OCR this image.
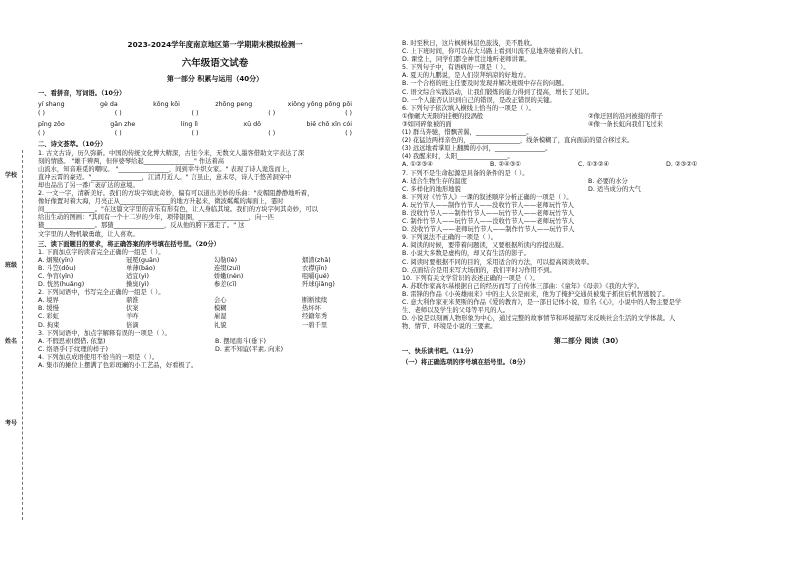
学校
班级
姓名
考号
2023-2024学年度南京地区第一学期期末模拟检测一
六年级语文试卷
第一部分 积累与运用（40分）
一、看拼音，写词语。（10分）
yí shang	gè da	kōng kōi	zhōng peng	xiōng yōng pōng pōi
( )	( )	( )	( )	( )
pīng zōo	gān zhe	líng lì	xū dō	biē chō xīn cói
( )	( )	( )	( )	( )
二、诗文荟萃。（10分）
1. 古文古诗，历久弥新。中国的传统文化博大精深，古往今来，无数文人墨客借助文字表达了深
刻的情感。 "雄千辨两，但伴婆琴给起________________" 作达着高
山流水，知音难觅的嘲叹。 "________________，间到幸牛织女家。" 表现了诗人诡选而上，
直冲云霄的豪迈。"________________，江清月近人。" 言虽止，意未尽，诗人于悠苦洞穿中
却也品出了另一番广袤矿达的意境。
2. 一文一字，清新美好。我们的方块字如此奇妙，偏有可以道出美妙的乐曲："皮帽阻静静地听着，
像好像置对着大海，月亮正从________________的地方升起来，微波粼粼的海面上，霎时
间________________。"在这篇文字里的音乐有形有色，让人身临其境。我们的方块字何其奇妙，可以
给出生动的图画："其间有一个十二岁的少年，项带银圈，________________，向一匹
猹________________。那猹________________，反从他的胯下逃走了。" 这
文字里的人物机敏勇敢，让人喜欢。
三、读下面题目的要求，将正确答案的序号填在括号里。（20分）
1. 下面加点字的读音完全正确的一组是（ ）。
A. 炯殒(yīn)	冠冕(guān)	勾勒(lè)	烟渣(zhā)
B. 斗笠(dǒu)	单薄(báo)	连缀(zuì)	衣襟(jīn)
C. 争宵(yīn)	适宜(yì)	娇嫩(nèn)	咀嚼(jué)
D. 恍然(huǎng)	操臭(yì)	参差(cī)	歼球(jiǎng)
2. 下列词语中，书写完全正确的一组是（ ）。
A. 境界	鼎淮	会心	断断续续
B. 缓慢	伏案	模糊	热坏坏
C. 彩虹	羊咋	雇湿	经籍年秀
D. 拘束	倍滴	礼貌	一碧千里
3. 下列词语中，加点字解释有误的一项是（ ）。
A. 不假思索(假借, 依靠)	B. 摆尾南斗(垂下)
C. 络语乎(于纹理的样子)	D. 素不知谊(平素, 向来)
4. 下列加点成语使用不恰当的一项是（ ）。
A. 集市的摊位上摆满了色彩斑斓的小工艺品，好看极了。
B. 时至秋日，这片枫树林层色旅浅，美不胜收。
C. 上下班时间，你可以在大马路上看到川流不息地奔驰着的人们。
D. 课堂上，同学们都全神贯注地听老师讲课。
5. 下列句子中，有语病的一项是（ ）。
A. 夏天的九鹏说，是人们崇拜纳凉的好地方。
B. 一个合格的班主任要及时发现并解决班级中存在的问题。
C. 语文综合实践活动，让我们锻炼的能力得到了提高，增长了见识。
D. 一个人能否认识到自己的错误，是改正错误的关键。
6. 下列句子依次填入横线上恰当的一项是（ ）。
①像碾大无限的挂梗的投涡般	②像迂回的沿河被接的带子
③如同碎象被的面	④像一条长虹向我们飞过来
(1) 群马奔驰，惜飘苦翼，________________。
(2) 花猛边两样亲色的，________________，线条模糊了，直向面前的望合移过来。
(3) 远远地看掌原上翻腾的小河，________________。
(4) 我醒来时，太阳________________。
A. ①②③④	B. ②④③①	C. ①③②④	D. ②③②①
7. 下列不是生命起源是具备的条件的是（ ）。
A. 适合生物生存的温度	B. 必要的水分
C. 多样化的地形地貌	D. 适当成分的大气
8. 下列对《竹节人》一课的叙述顺序分析正确的一项是（ ）。
A. 玩竹节人——制作竹节人——没收竹节人——老师玩竹节人
B. 没收竹节人——制作竹节人——玩竹节人——老师玩竹节人
C. 制作竹节人——玩竹节人——没收竹节人——老师玩竹节人
D. 没收竹节人——老师玩竹节人——制作竹节人——玩竹节人
9. 下列说法不正确的一项是（ ）。
A. 阅读的时候，要带着问题读，又要根据所读内容提出疑。
B. 小说大多数是虚构的，却又有生活的影子。
C. 阅读时要根据不同的目的，采用适合的方法，可以提高阅读效率。
D. 点面结合是用来写大场面的，我们平时习作用不到。
10. 下列有关文学常识的表述正确的一项是（ ）。
A. 苏联作家高尔基根据自己的经历而写了自传体三部曲：《童年》《母亲》《我的大学》。
B. 雷锋的作品《小英雄雨来》中的主人公是雨来，他为了掩护交通员被鬼子抓住后机智逃脱了。
C. 意大利作家亚米契斯的作品《爱的教育》，是一部日记体小说，原名《心》，小说中的人物主要是学
生、老师以及学生的父母等平凡的人。
D. 小说是以刻画人物形象为中心，通过完整的故事情节和环境描写来反映社会生活的文学体裁。人
物、情节、环境是小说的三要素。
第二部分 阅读（30）
一、快乐读书吧。（11分）
（一）将正确选项的序号填在括号里。（8分）
